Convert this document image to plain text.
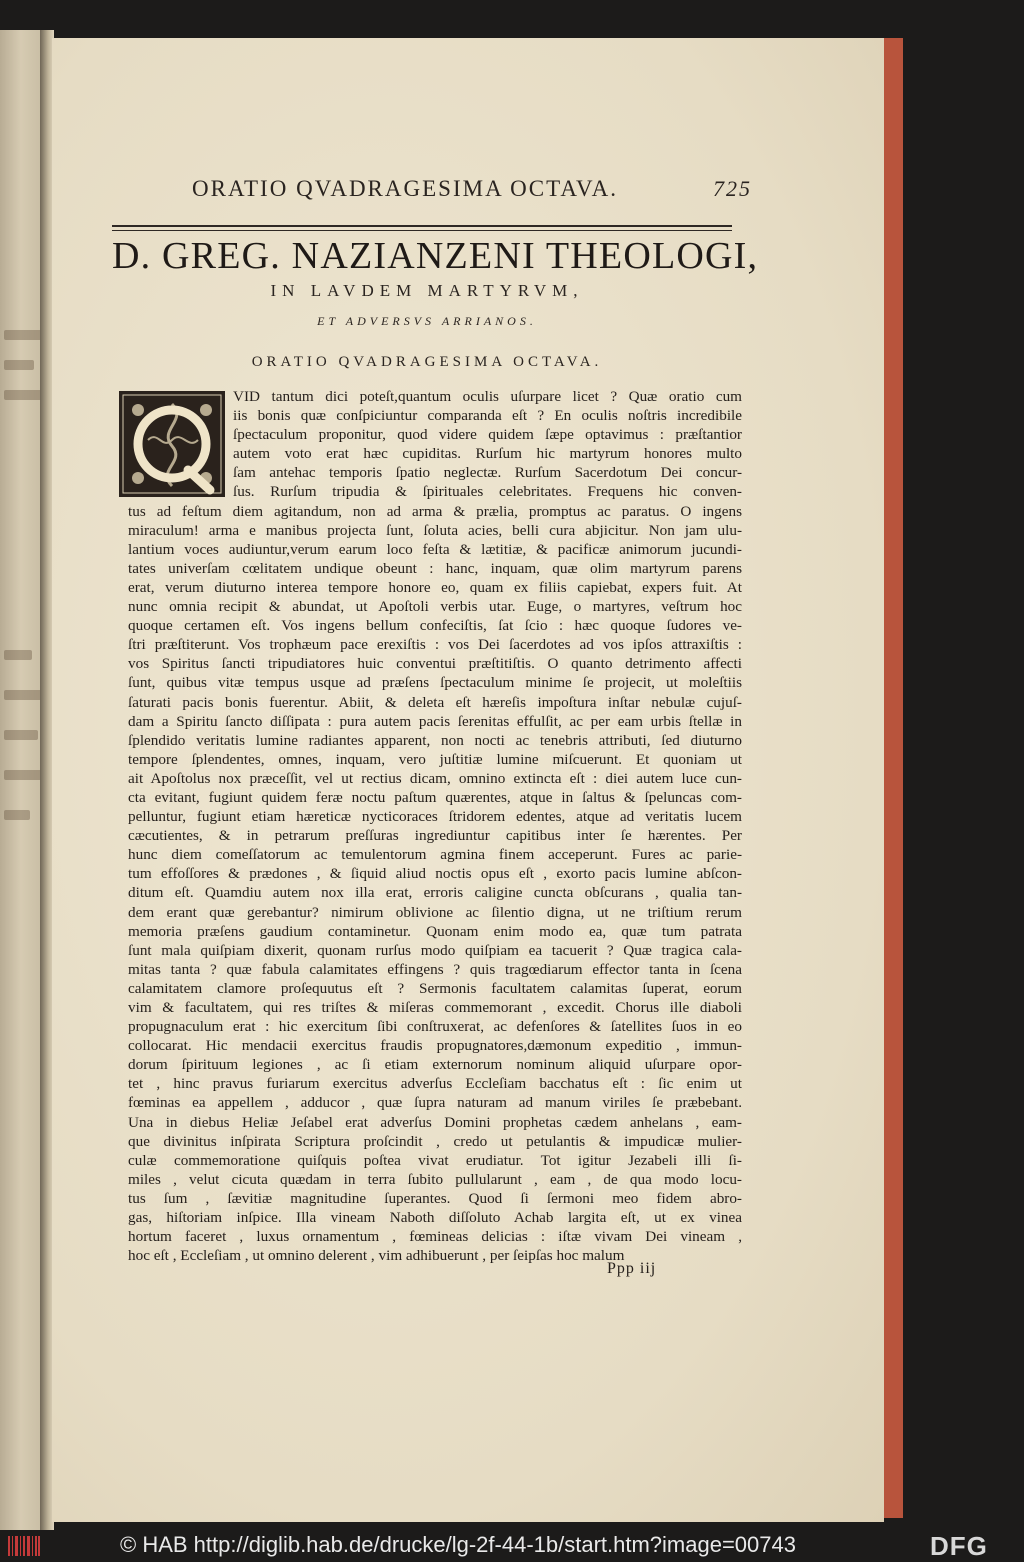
ORATIO QVADRAGESIMA OCTAVA.	725
D. GREG. NAZIANZENI THEOLOGI,
IN LAVDEM MARTYRVM,
ET ADVERSVS ARRIANOS.
ORATIO QVADRAGESIMA OCTAVA.
VID tantum dici poteſt,quantum oculis uſurpare licet ? Quæ oratio cum
iis bonis quæ conſpiciuntur comparanda eſt ? En oculis noſtris incredibile
ſpectaculum proponitur, quod videre quidem ſæpe optavimus : præſtantior
autem voto erat hæc cupiditas. Rurſum hic martyrum honores multo
ſam antehac temporis ſpatio neglectæ. Rurſum Sacerdotum Dei concur-
ſus. Rurſum tripudia & ſpirituales celebritates. Frequens hic conven-
tus ad feſtum diem agitandum, non ad arma & prælia, promptus ac paratus. O ingens
miraculum! arma e manibus projecta ſunt, ſoluta acies, belli cura abjicitur. Non jam ulu-
lantium voces audiuntur,verum earum loco feſta & lætitiæ, & pacificæ animorum jucundi-
tates univerſam cœlitatem undique obeunt : hanc, inquam, quæ olim martyrum parens
erat, verum diuturno interea tempore honore eo, quam ex filiis capiebat, expers fuit. At
nunc omnia recipit & abundat, ut Apoſtoli verbis utar. Euge, o martyres, veſtrum hoc
quoque certamen eſt. Vos ingens bellum confeciſtis, ſat ſcio : hæc quoque ſudores ve-
ſtri præſtiterunt. Vos trophæum pace erexiſtis : vos Dei ſacerdotes ad vos ipſos attraxiſtis :
vos Spiritus ſancti tripudiatores huic conventui præſtitiſtis. O quanto detrimento affecti
ſunt, quibus vitæ tempus usque ad præſens ſpectaculum minime ſe projecit, ut moleſtiis
ſaturati pacis bonis fuerentur. Abiit, & deleta eſt hæreſis impoſtura inſtar nebulæ cujuſ-
dam a Spiritu ſancto diſſipata : pura autem pacis ſerenitas effulſit, ac per eam urbis ſtellæ in
ſplendido veritatis lumine radiantes apparent, non nocti ac tenebris attributi, ſed diuturno
tempore ſplendentes, omnes, inquam, vero juſtitiæ lumine miſcuerunt. Et quoniam ut
ait Apoſtolus nox præceſſit, vel ut rectius dicam, omnino extincta eſt : diei autem luce cun-
cta evitant, fugiunt quidem feræ noctu paſtum quærentes, atque in ſaltus & ſpeluncas com-
pelluntur, fugiunt etiam hæreticæ nycticoraces ſtridorem edentes, atque ad veritatis lucem
cæcutientes, & in petrarum preſſuras ingrediuntur capitibus inter ſe hærentes. Per
hunc diem comeſſatorum ac temulentorum agmina finem acceperunt. Fures ac parie-
tum effoſſores & prædones , & ſiquid aliud noctis opus eſt , exorto pacis lumine abſcon-
ditum eſt. Quamdiu autem nox illa erat, erroris caligine cuncta obſcurans , qualia tan-
dem erant quæ gerebantur? nimirum oblivione ac ſilentio digna, ut ne triſtium rerum
memoria præſens gaudium contaminetur. Quonam enim modo ea, quæ tum patrata
ſunt mala quiſpiam dixerit, quonam rurſus modo quiſpiam ea tacuerit ? Quæ tragica cala-
mitas tanta ? quæ fabula calamitates effingens ? quis tragœdiarum effector tanta in ſcena
calamitatem clamore proſequutus eſt ? Sermonis facultatem calamitas ſuperat, eorum
vim & facultatem, qui res triſtes & miſeras commemorant , excedit. Chorus ille diaboli
propugnaculum erat : hic exercitum ſibi conſtruxerat, ac defenſores & ſatellites ſuos in eo
collocarat. Hic mendacii exercitus fraudis propugnatores,dæmonum expeditio , immun-
dorum ſpirituum legiones , ac ſi etiam externorum nominum aliquid uſurpare opor-
tet , hinc pravus furiarum exercitus adverſus Eccleſiam bacchatus eſt : ſic enim ut
fœminas ea appellem , adducor , quæ ſupra naturam ad manum viriles ſe præbebant.
Una in diebus Heliæ Jeſabel erat adverſus Domini prophetas cædem anhelans , eam-
que divinitus inſpirata Scriptura proſcindit , credo ut petulantis & impudicæ mulier-
culæ commemoratione quiſquis poſtea vivat erudiatur. Tot igitur Jezabeli illi ſi-
miles , velut cicuta quædam in terra ſubito pullularunt , eam , de qua modo locu-
tus ſum , ſævitiæ magnitudine ſuperantes. Quod ſi ſermoni meo fidem abro-
gas, hiſtoriam inſpice. Illa vineam Naboth diſſoluto Achab largita eſt, ut ex vinea
hortum faceret , luxus ornamentum , fœmineas delicias : iſtæ vivam Dei vineam ,
hoc eſt , Eccleſiam , ut omnino delerent , vim adhibuerunt , per ſeipſas hoc malum
Ppp iij
© HAB http://diglib.hab.de/drucke/lg-2f-44-1b/start.htm?image=00743	DFG
